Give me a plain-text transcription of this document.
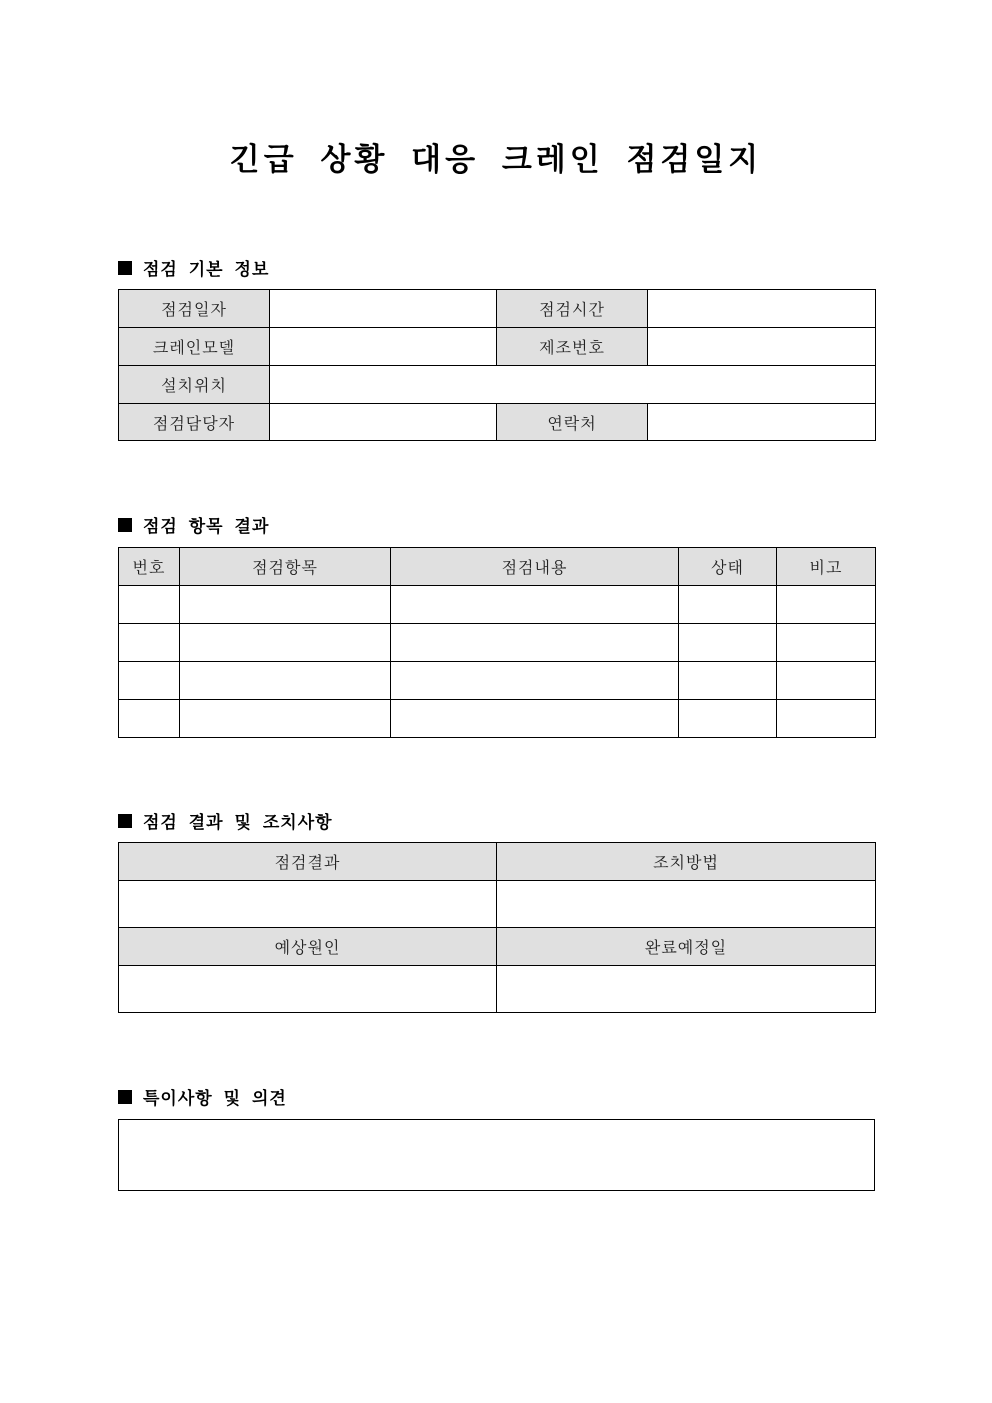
긴급 상황 대응 크레인 점검일지
점검 기본 정보
점검일자		점검시간	
크레인모델		제조번호	
설치위치			
점검담당자		연락처	
점검 항목 결과
번호	점검항목	점검내용	상태	비고

점검 결과 및 조치사항
점검결과	조치방법

예상원인	완료예정일

특이사항 및 의견
